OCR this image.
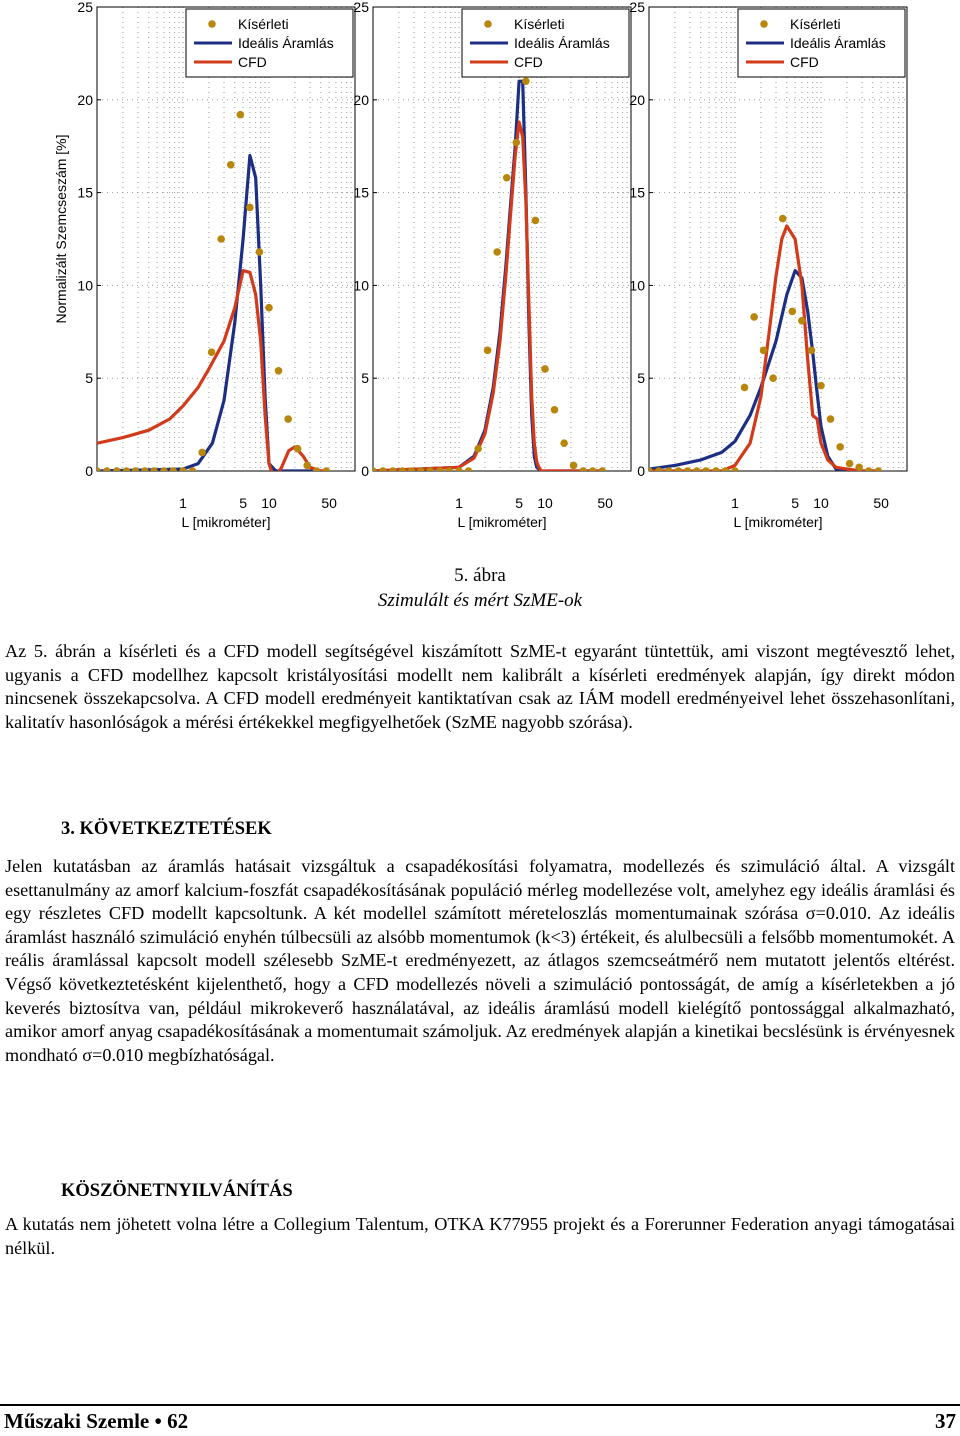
0
5
10
15
20
25
1	5 10	50
L [mikrométer]
Normalizált Szemcseszám [%]
Kísérleti
Ideális Áramlás
CFD
0
5
10
15
20
25
1	5 10	50
L [mikrométer]
Kísérleti
Ideális Áramlás
CFD
0
5
10
15
20
25
1	5 10	50
L [mikrométer]
Kísérleti
Ideális Áramlás
CFD
5. ábra
Szimulált és mért SzME-ok

Az 5. ábrán a kísérleti és a CFD modell segítségével kiszámított SzME-t egyaránt tüntettük, ami viszont megtévesztő lehet, ugyanis a CFD modellhez kapcsolt kristályosítási modellt nem kalibrált a kísérleti eredmények alapján, így direkt módon nincsenek összekapcsolva. A CFD modell eredményeit kantiktatívan csak az IÁM modell eredményeivel lehet összehasonlítani, kalitatív hasonlóságok a mérési értékekkel megfigyelhetőek (SzME nagyobb szórása).

3. KÖVETKEZTETÉSEK

Jelen kutatásban az áramlás hatásait vizsgáltuk a csapadékosítási folyamatra, modellezés és szimuláció által. A vizsgált esettanulmány az amorf kalcium-foszfát csapadékosításának populáció mérleg modellezése volt, amelyhez egy ideális áramlási és egy részletes CFD modellt kapcsoltunk. A két modellel számított méreteloszlás momentumainak szórása σ=0.010. Az ideális áramlást használó szimuláció enyhén túlbecsüli az alsóbb momentumok (k<3) értékeit, és alulbecsüli a felsőbb momentumokét. A reális áramlással kapcsolt modell szélesebb SzME-t eredményezett, az átlagos szemcseátmérő nem mutatott jelentős eltérést. Végső következtetésként kijelenthető, hogy a CFD modellezés növeli a szimuláció pontosságát, de amíg a kísérletekben a jó keverés biztosítva van, például mikrokeverő használatával, az ideális áramlású modell kielégítő pontossággal alkalmazható, amikor amorf anyag csapadékosításának a momentumait számoljuk. Az eredmények alapján a kinetikai becslésünk is érvényesnek mondható σ=0.010 megbízhatóságal.

KÖSZÖNETNYILVÁNÍTÁS

A kutatás nem jöhetett volna létre a Collegium Talentum, OTKA K77955 projekt és a Forerunner Federation anyagi támogatásai nélkül.

Műszaki Szemle • 62	37
